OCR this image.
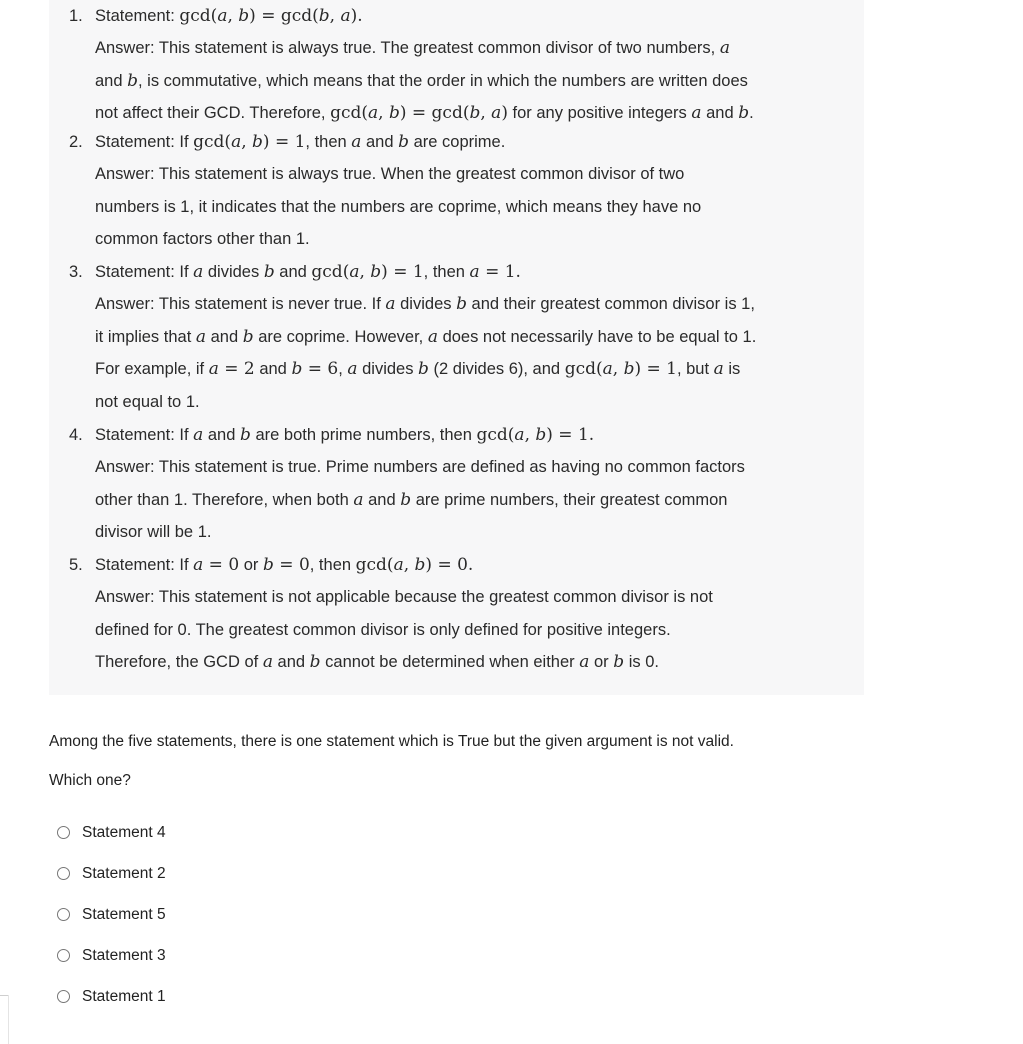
1. Statement: gcd(a, b) = gcd(b, a).
Answer: This statement is always true. The greatest common divisor of two numbers, a
and b, is commutative, which means that the order in which the numbers are written does
not affect their GCD. Therefore, gcd(a, b) = gcd(b, a) for any positive integers a and b.
2. Statement: If gcd(a, b) = 1, then a and b are coprime.
Answer: This statement is always true. When the greatest common divisor of two
numbers is 1, it indicates that the numbers are coprime, which means they have no
common factors other than 1.
3. Statement: If a divides b and gcd(a, b) = 1, then a = 1.
Answer: This statement is never true. If a divides b and their greatest common divisor is 1,
it implies that a and b are coprime. However, a does not necessarily have to be equal to 1.
For example, if a = 2 and b = 6, a divides b (2 divides 6), and gcd(a, b) = 1, but a is
not equal to 1.
4. Statement: If a and b are both prime numbers, then gcd(a, b) = 1.
Answer: This statement is true. Prime numbers are defined as having no common factors
other than 1. Therefore, when both a and b are prime numbers, their greatest common
divisor will be 1.
5. Statement: If a = 0 or b = 0, then gcd(a, b) = 0.
Answer: This statement is not applicable because the greatest common divisor is not
defined for 0. The greatest common divisor is only defined for positive integers.
Therefore, the GCD of a and b cannot be determined when either a or b is 0.
Among the five statements, there is one statement which is True but the given argument is not valid.
Which one?
Statement 4
Statement 2
Statement 5
Statement 3
Statement 1
